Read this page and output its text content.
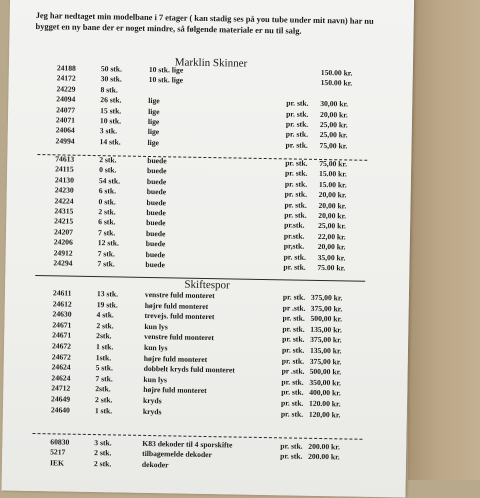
Jeg har nedtaget min modelbane i 7 etager ( kan stadig ses på you tube under mit navn) har nu bygget en ny bane der er noget mindre, så følgende materiale er nu til salg.
Marklin Skinner
24188	50 stk.	10 stk. lige	150.00 kr.
24172	30 stk.	10 stk. lige	150.00 kr.
24229	8 stk.
24094	26 stk.	lige	pr. stk. 30,00 kr.
24077	15 stk.	lige	pr. stk. 20,00 kr.
24071	10 stk.	lige	pr. stk. 25,00 kr.
24064	3 stk.	lige	pr. stk. 25,00 kr.
24994	14 stk.	lige	pr. stk. 75,00 kr.
74613	2 stk.	buede	pr. stk. 75,00 kr.
24115	0 stk.	buede	pr. stk. 15.00 kr.
24130	54 stk.	buede	pr. stk. 15.00 kr.
24230	6 stk.	buede	pr. stk. 20,00 kr.
24224	0 stk.	buede	pr. stk. 20,00 kr.
24315	2 stk.	buede	pr. stk. 20,00 kr.
24215	6 stk.	buede	pr.stk. 25,00 kr.
24207	7 stk.	buede	pr.stk. 22,00 kr.
24206	12 stk.	buede	pr,stk. 20,00 kr.
24912	7 stk.	buede	pr. stk. 35,00 kr.
24294	7 stk.	buede	pr. stk. 75.00 kr.
Skiftespor
24611	13 stk.	venstre fuld monteret	pr. stk. 375,00 kr.
24612	19 stk.	højre fuld monteret	pr .stk. 375,00 kr.
24630	4 stk.	trevejs. fuld monteret	pr. stk. 500,00 kr.
24671	2 stk.	kun lys	pr. stk. 135,00 kr.
24671	2stk.	venstre fuld monteret	pr. stk. 375,00 kr.
24672	1 stk.	kun lys	pr. stk. 135,00 kr.
24672	1stk.	højre fuld monteret	pr. stk. 375,00 kr.
24624	5 stk.	dobbelt kryds fuld monteret	pr .stk. 500,00 kr.
24624	7 stk.	kun lys	pr. stk. 350,00 kr.
24712	2stk.	højre fuld monteret	pr. stk. 400,00 kr.
24649	2 stk.	kryds	pr. stk. 120.00 kr.
24640	1 stk.	kryds	pr. stk. 120,00 kr.
60830	3 stk.	K83 dekoder til 4 sporskifte	pr. stk. 200.00 kr.
5217	2 stk.	tilbagemelde dekoder	pr. stk. 200.00 kr.
IEK	2 stk.	dekoder
